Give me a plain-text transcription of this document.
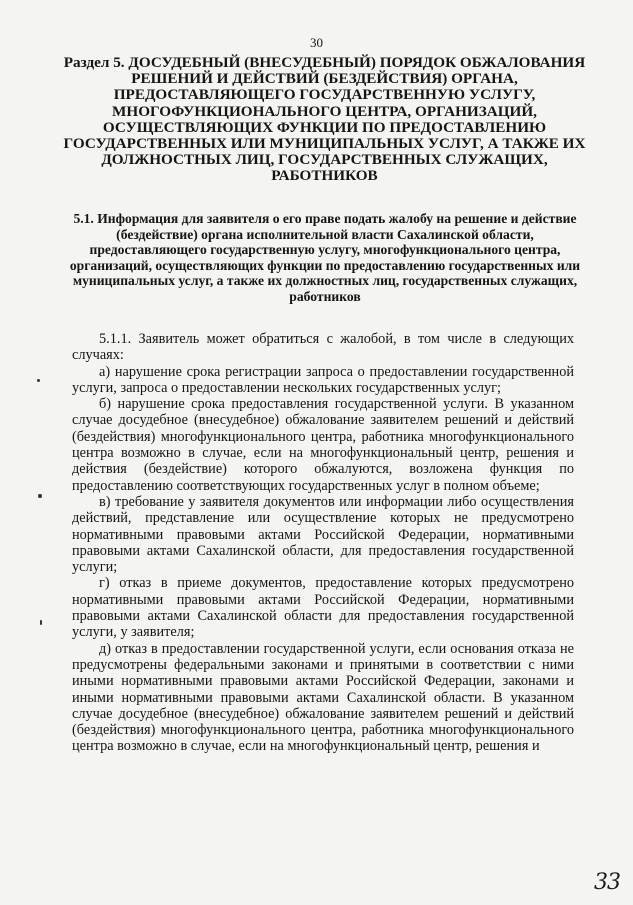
30
Раздел 5. ДОСУДЕБНЫЙ (ВНЕСУДЕБНЫЙ) ПОРЯДОК ОБЖАЛОВАНИЯ РЕШЕНИЙ И ДЕЙСТВИЙ (БЕЗДЕЙСТВИЯ) ОРГАНА, ПРЕДОСТАВЛЯЮЩЕГО ГОСУДАРСТВЕННУЮ УСЛУГУ, МНОГОФУНКЦИОНАЛЬНОГО ЦЕНТРА, ОРГАНИЗАЦИЙ, ОСУЩЕСТВЛЯЮЩИХ ФУНКЦИИ ПО ПРЕДОСТАВЛЕНИЮ ГОСУДАРСТВЕННЫХ ИЛИ МУНИЦИПАЛЬНЫХ УСЛУГ, А ТАКЖЕ ИХ ДОЛЖНОСТНЫХ ЛИЦ, ГОСУДАРСТВЕННЫХ СЛУЖАЩИХ, РАБОТНИКОВ
5.1. Информация для заявителя о его праве подать жалобу на решение и действие (бездействие) органа исполнительной власти Сахалинской области, предоставляющего государственную услугу, многофункционального центра, организаций, осуществляющих функции по предоставлению государственных или муниципальных услуг, а также их должностных лиц, государственных служащих, работников

5.1.1. Заявитель может обратиться с жалобой, в том числе в следующих случаях:

а) нарушение срока регистрации запроса о предоставлении государственной услуги, запроса о предоставлении нескольких государственных услуг;

б) нарушение срока предоставления государственной услуги. В указанном случае досудебное (внесудебное) обжалование заявителем решений и действий (бездействия) многофункционального центра, работника многофункционального центра возможно в случае, если на многофункциональный центр, решения и действия (бездействие) которого обжалуются, возложена функция по предоставлению соответствующих государственных услуг в полном объеме;

в) требование у заявителя документов или информации либо осуществления действий, представление или осуществление которых не предусмотрено нормативными правовыми актами Российской Федерации, нормативными правовыми актами Сахалинской области, для предоставления государственной услуги;

г) отказ в приеме документов, предоставление которых предусмотрено нормативными правовыми актами Российской Федерации, нормативными правовыми актами Сахалинской области для предоставления государственной услуги, у заявителя;

д) отказ в предоставлении государственной услуги, если основания отказа не предусмотрены федеральными законами и принятыми в соответствии с ними иными нормативными правовыми актами Российской Федерации, законами и иными нормативными правовыми актами Сахалинской области. В указанном случае досудебное (внесудебное) обжалование заявителем решений и действий (бездействия) многофункционального центра, работника многофункционального центра возможно в случае, если на многофункциональный центр, решения и

33
